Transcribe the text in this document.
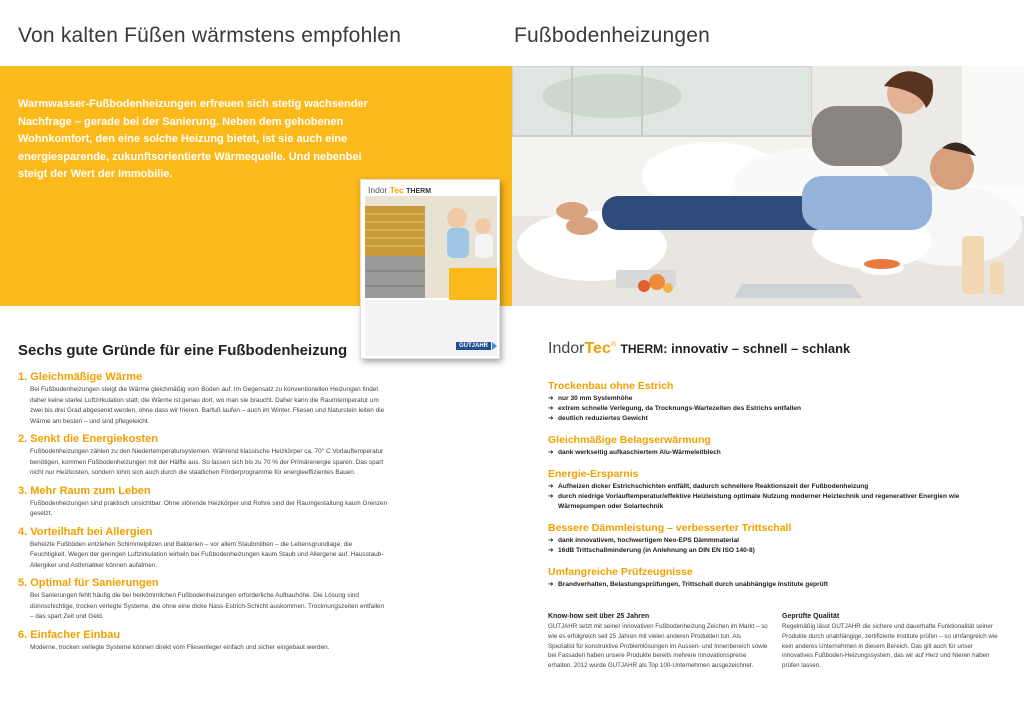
Von kalten Füßen wärmstens empfohlen

Warmwasser-Fußbodenheizungen erfreuen sich stetig wachsender Nachfrage – gerade bei der Sanierung. Neben dem gehobenen Wohnkomfort, den eine solche Heizung bietet, ist sie auch eine energiesparende, zukunftsorientierte Wärmequelle. Und nebenbei steigt der Wert der Immobilie.

Indor Tec THERM
GUTJAHR
Sechs gute Gründe für eine Fußbodenheizung
1. Gleichmäßige Wärme
Bei Fußbodenheizungen steigt die Wärme gleichmäßig vom Boden auf. Im Gegensatz zu konventionellen Heizungen findet daher keine starke Luftzirkulation statt; die Wärme ist genau dort, wo man sie braucht. Daher kann die Raumtemperatur um zwei bis drei Grad abgesenkt werden, ohne dass wir frieren. Barfuß laufen – auch im Winter. Fliesen und Naturstein leiten die Wärme am besten – und sind pflegeleicht.
2. Senkt die Energiekosten
Fußbodenheizungen zählen zu den Niedertemperatursystemen. Während klassische Heizkörper ca. 70° C Vorlauftemperatur benötigen, kommen Fußbodenheizungen mit der Hälfte aus. So lassen sich bis zu 70 % der Primärenergie sparen. Das spart nicht nur Heizkosten, sondern lohnt sich auch durch die staatlichen Förderprogramme für energieeffizientes Bauen.
3. Mehr Raum zum Leben
Fußbodenheizungen sind praktisch unsichtbar. Ohne störende Heizkörper und Rohre sind der Raumgestaltung kaum Grenzen gesetzt.
4. Vorteilhaft bei Allergien
Beheizte Fußböden entziehen Schimmelpilzen und Bakterien – vor allem Staubmilben – die Lebensgrundlage, die Feuchtigkeit. Wegen der geringen Luftzirkulation wirbeln bei Fußbodenheizungen kaum Staub und Allergene auf. Hausstaub-Allergiker und Asthmatiker können aufatmen.
5. Optimal für Sanierungen
Bei Sanierungen fehlt häufig die bei herkömmlichen Fußbodenheizungen erforderliche Aufbauhöhe. Die Lösung sind dünnschichtige, trocken verlegte Systeme, die ohne eine dicke Nass-Estrich-Schicht auskommen. Trocknungszeiten entfallen – das spart Zeit und Geld.
6. Einfacher Einbau
Moderne, trocken verlegte Systeme können direkt vom Fliesenleger einfach und sicher eingebaut werden.
Fußbodenheizungen
IndorTec® THERM: innovativ – schnell – schlank
Trockenbau ohne Estrich
➜ nur 30 mm Systemhöhe
➜ extrem schnelle Verlegung, da Trocknungs-Wartezeiten des Estrichs entfallen
➜ deutlich reduziertes Gewicht
Gleichmäßige Belagserwärmung
➜ dank werkseitig aufkaschiertem Alu-Wärmeleitblech
Energie-Ersparnis
➜ Aufheizen dicker Estrichschichten entfällt, dadurch schnellere Reaktionszeit der Fußbodenheizung
➜ durch niedrige Vorlauftemperatur/effektive Heizleistung optimale Nutzung moderner Heiztechnik und regenerativer Energien wie Wärmepumpen oder Solartechnik
Bessere Dämmleistung – verbesserter Trittschall
➜ dank innovativem, hochwertigem Neo-EPS Dämmmaterial
➜ 16dB Trittschallminderung (in Anlehnung an DIN EN ISO 140-8)
Umfangreiche Prüfzeugnisse
➜ Brandverhalten, Belastungsprüfungen, Trittschall durch unabhängige Institute geprüft
Know-how seit über 25 Jahren
GUTJAHR setzt mit seiner innovativen Fußbodenheizung Zeichen im Markt – so wie es erfolgreich seit 25 Jahren mit vielen anderen Produkten tun. Als Spezialist für konstruktive Problemlösungen im Aussen- und Innenbereich sowie bei Fassaden haben unsere Produkte bereits mehrere Innovationspreise erhalten. 2012 wurde GUTJAHR als Top 100-Unternehmen ausgezeichnet.
Geprüfte Qualität
Regelmäßig lässt GUTJAHR die sichere und dauerhafte Funktionalität seiner Produkte durch unabhängige, zertifizierte Institute prüfen – so umfangreich wie kein anderes Unternehmen in diesem Bereich. Das gilt auch für unser innovatives Fußboden-Heizungssystem, das wir auf Herz und Nieren haben prüfen lassen.
